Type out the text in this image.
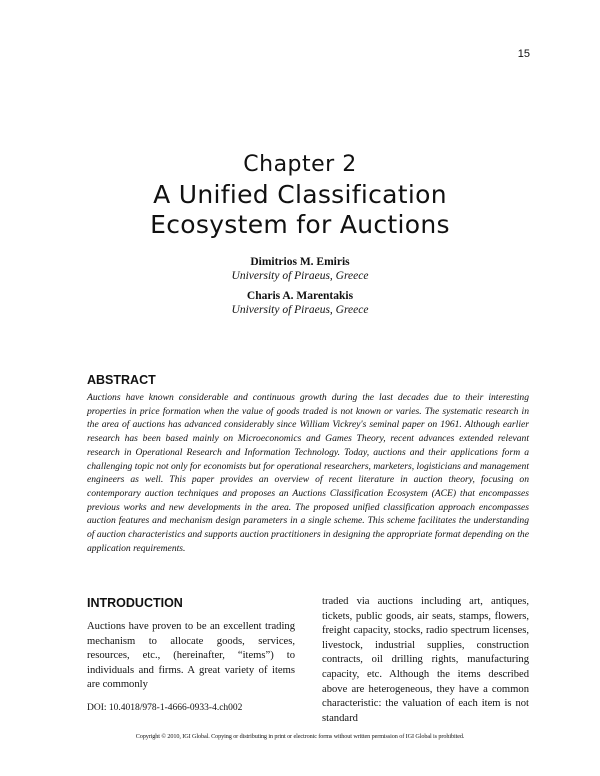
15
Chapter 2
A Unified Classification
Ecosystem for Auctions
Dimitrios M. Emiris
University of Piraeus, Greece
Charis A. Marentakis
University of Piraeus, Greece
ABSTRACT
Auctions have known considerable and continuous growth during the last decades due to their interesting properties in price formation when the value of goods traded is not known or varies. The systematic research in the area of auctions has advanced considerably since William Vickrey's seminal paper on 1961. Although earlier research has been based mainly on Microeconomics and Games Theory, recent advances extended relevant research in Operational Research and Information Technology. Today, auctions and their applications form a challenging topic not only for economists but for operational researchers, marketers, logisticians and management engineers as well. This paper provides an overview of recent literature in auction theory, focusing on contemporary auction techniques and proposes an Auctions Classification Ecosystem (ACE) that encompasses previous works and new developments in the area. The proposed unified classification approach encompasses auction features and mechanism design parameters in a single scheme. This scheme facilitates the understanding of auction characteristics and supports auction practitioners in designing the appropriate format depending on the application requirements.
INTRODUCTION
Auctions have proven to be an excellent trading mechanism to allocate goods, services, resources, etc., (hereinafter, “items”) to individuals and firms. A great variety of items are commonly
traded via auctions including art, antiques, tickets, public goods, air seats, stamps, flowers, freight capacity, stocks, radio spectrum licenses, livestock, industrial supplies, construction contracts, oil drilling rights, manufacturing capacity, etc. Although the items described above are heterogeneous, they have a common characteristic: the valuation of each item is not standard
DOI: 10.4018/978-1-4666-0933-4.ch002
Copyright © 2010, IGI Global. Copying or distributing in print or electronic forms without written permission of IGI Global is prohibited.
